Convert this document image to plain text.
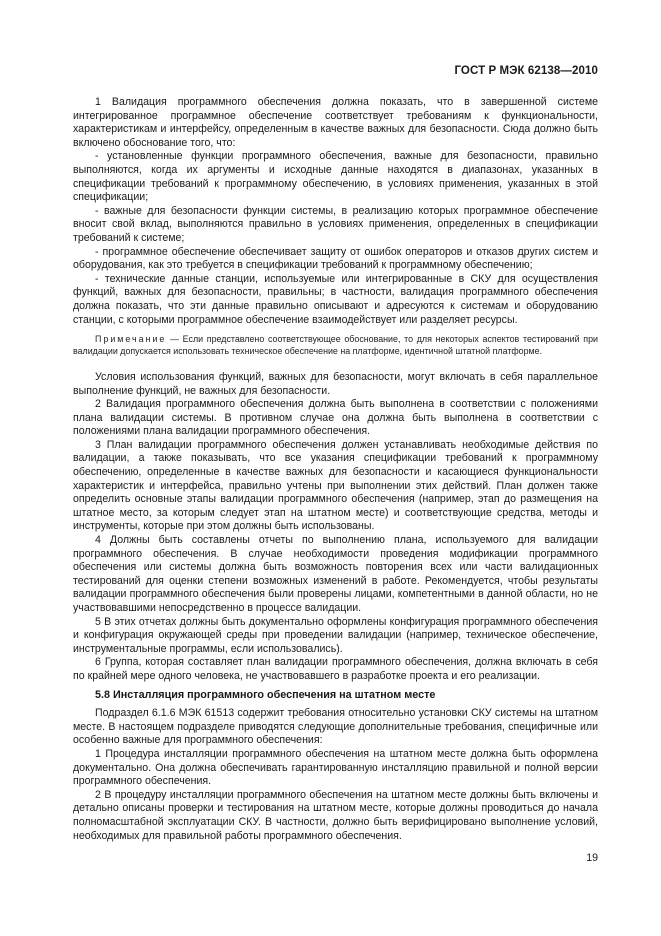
ГОСТ Р МЭК 62138—2010

1 Валидация программного обеспечения должна показать, что в завершенной системе интегрированное программное обеспечение соответствует требованиям к функциональности, характеристикам и интерфейсу, определенным в качестве важных для безопасности. Сюда должно быть включено обоснование того, что:

- установленные функции программного обеспечения, важные для безопасности, правильно выполняются, когда их аргументы и исходные данные находятся в диапазонах, указанных в спецификации требований к программному обеспечению, в условиях применения, указанных в этой спецификации;

- важные для безопасности функции системы, в реализацию которых программное обеспечение вносит свой вклад, выполняются правильно в условиях применения, определенных в спецификации требований к системе;

- программное обеспечение обеспечивает защиту от ошибок операторов и отказов других систем и оборудования, как это требуется в спецификации требований к программному обеспечению;

- технические данные станции, используемые или интегрированные в СКУ для осуществления функций, важных для безопасности, правильны; в частности, валидация программного обеспечения должна показать, что эти данные правильно описывают и адресуются к системам и оборудованию станции, с которыми программное обеспечение взаимодействует или разделяет ресурсы.

Примечание — Если представлено соответствующее обоснование, то для некоторых аспектов тестирований при валидации допускается использовать техническое обеспечение на платформе, идентичной штатной платформе.

Условия использования функций, важных для безопасности, могут включать в себя параллельное выполнение функций, не важных для безопасности.

2 Валидация программного обеспечения должна быть выполнена в соответствии с положениями плана валидации системы. В противном случае она должна быть выполнена в соответствии с положениями плана валидации программного обеспечения.

3 План валидации программного обеспечения должен устанавливать необходимые действия по валидации, а также показывать, что все указания спецификации требований к программному обеспечению, определенные в качестве важных для безопасности и касающиеся функциональности характеристик и интерфейса, правильно учтены при выполнении этих действий. План должен также определить основные этапы валидации программного обеспечения (например, этап до размещения на штатное место, за которым следует этап на штатном месте) и соответствующие средства, методы и инструменты, которые при этом должны быть использованы.

4 Должны быть составлены отчеты по выполнению плана, используемого для валидации программного обеспечения. В случае необходимости проведения модификации программного обеспечения или системы должна быть возможность повторения всех или части валидационных тестирований для оценки степени возможных изменений в работе. Рекомендуется, чтобы результаты валидации программного обеспечения были проверены лицами, компетентными в данной области, но не участвовавшими непосредственно в процессе валидации.

5 В этих отчетах должны быть документально оформлены конфигурация программного обеспечения и конфигурация окружающей среды при проведении валидации (например, техническое обеспечение, инструментальные программы, если использовались).

6 Группа, которая составляет план валидации программного обеспечения, должна включать в себя по крайней мере одного человека, не участвовавшего в разработке проекта и его реализации.

5.8 Инсталляция программного обеспечения на штатном месте

Подраздел 6.1.6 МЭК 61513 содержит требования относительно установки СКУ системы на штатном месте. В настоящем подразделе приводятся следующие дополнительные требования, специфичные или особенно важные для программного обеспечения:

1 Процедура инсталляции программного обеспечения на штатном месте должна быть оформлена документально. Она должна обеспечивать гарантированную инсталляцию правильной и полной версии программного обеспечения.

2 В процедуру инсталляции программного обеспечения на штатном месте должны быть включены и детально описаны проверки и тестирования на штатном месте, которые должны проводиться до начала полномасштабной эксплуатации СКУ. В частности, должно быть верифицировано выполнение условий, необходимых для правильной работы программного обеспечения.

19
